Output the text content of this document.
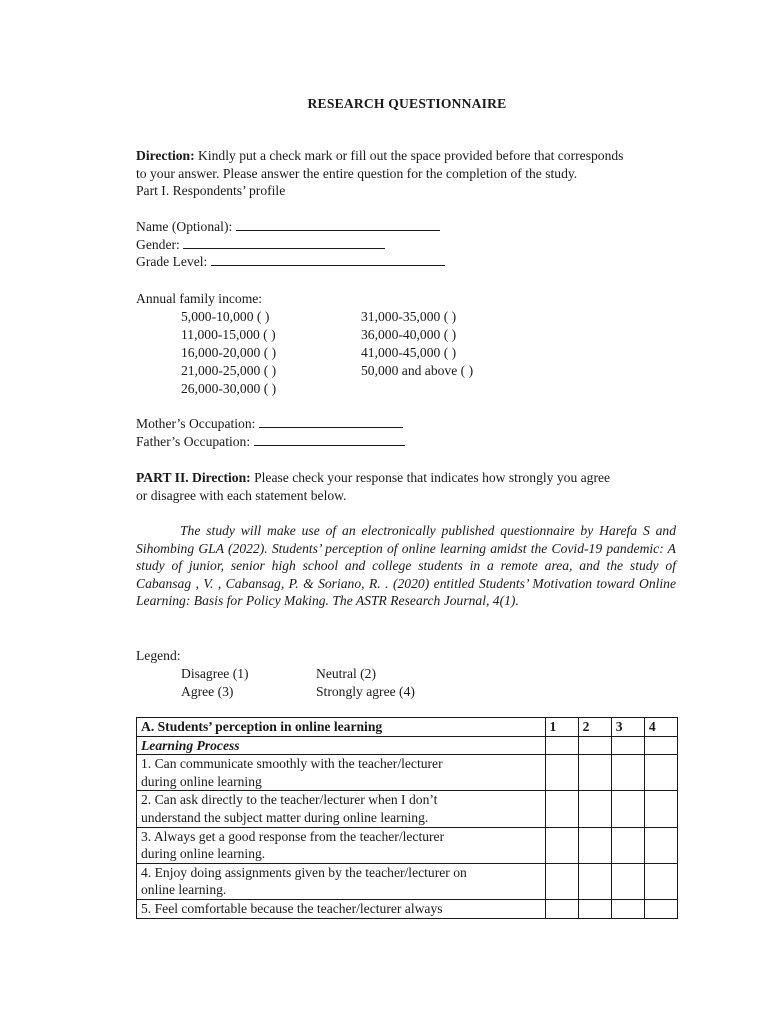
RESEARCH QUESTIONNAIRE
Direction: Kindly put a check mark or fill out the space provided before that corresponds
to your answer. Please answer the entire question for the completion of the study.
Part I. Respondents’ profile
Name (Optional):
Gender:
Grade Level:
Annual family income:
5,000-10,000 ( )	31,000-35,000 ( )
11,000-15,000 ( )	36,000-40,000 ( )
16,000-20,000 ( )	41,000-45,000 ( )
21,000-25,000 ( )	50,000 and above ( )
26,000-30,000 ( )
Mother’s Occupation:
Father’s Occupation:
PART II. Direction: Please check your response that indicates how strongly you agree
or disagree with each statement below.

The study will make use of an electronically published questionnaire by Harefa S and Sihombing GLA (2022). Students’ perception of online learning amidst the Covid-19 pandemic: A study of junior, senior high school and college students in a remote area, and the study of Cabansag , V. , Cabansag, P. & Soriano, R. . (2020) entitled Students’ Motivation toward Online Learning: Basis for Policy Making. The ASTR Research Journal, 4(1).

Legend:
Disagree (1)	Neutral (2)
Agree (3)	Strongly agree (4)
A. Students’ perception in online learning	1	2	3	4
Learning Process				

1. Can communicate smoothly with the teacher/lecturer
during online learning				

2. Can ask directly to the teacher/lecturer when I don’t
understand the subject matter during online learning.				

3. Always get a good response from the teacher/lecturer
during online learning.				

4. Enjoy doing assignments given by the teacher/lecturer on
online learning.				

5. Feel comfortable because the teacher/lecturer always				
